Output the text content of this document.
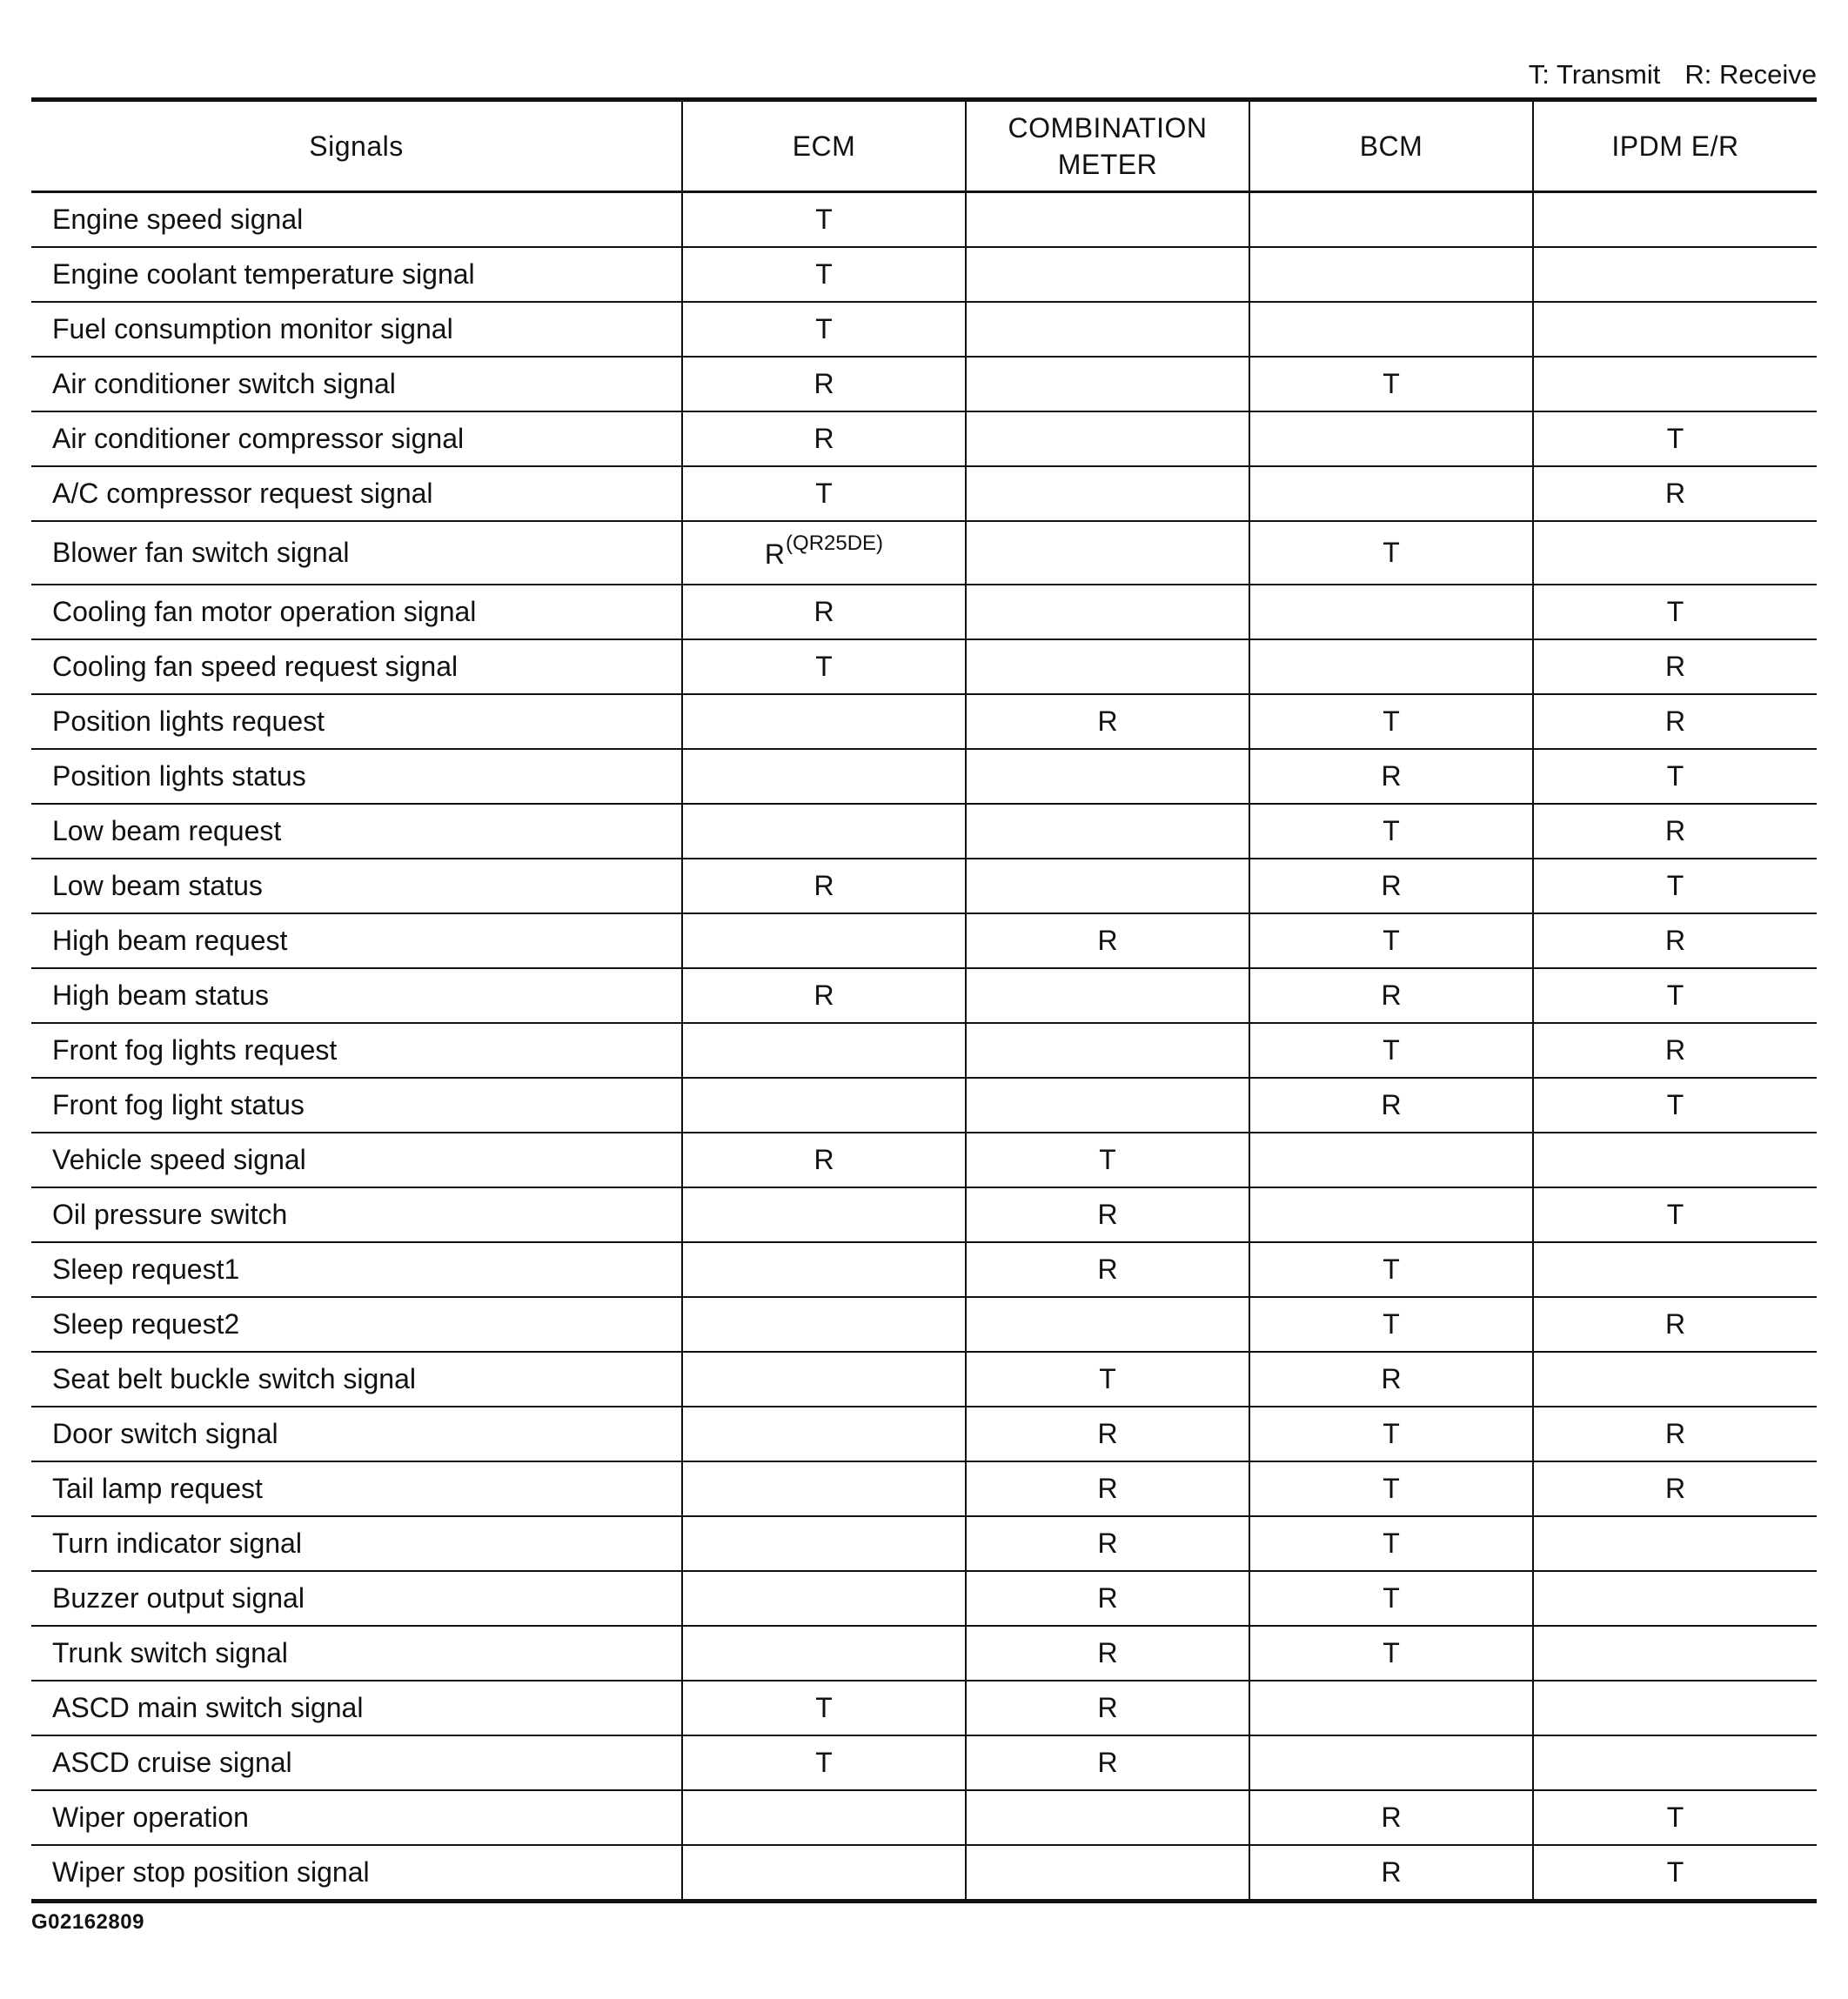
T: Transmit R: Receive
Signals	ECM	COMBINATION
METER	BCM	IPDM E/R
Engine speed signal	T			
Engine coolant temperature signal	T			
Fuel consumption monitor signal	T			
Air conditioner switch signal	R		T	
Air conditioner compressor signal	R			T
A/C compressor request signal	T			R
Blower fan switch signal	R$^{(QR25DE)}$		T	
Cooling fan motor operation signal	R			T
Cooling fan speed request signal	T			R
Position lights request		R	T	R
Position lights status			R	T
Low beam request			T	R
Low beam status	R		R	T
High beam request		R	T	R
High beam status	R		R	T
Front fog lights request			T	R
Front fog light status			R	T
Vehicle speed signal	R	T		
Oil pressure switch		R		T
Sleep request1		R	T	
Sleep request2			T	R
Seat belt buckle switch signal		T	R	
Door switch signal		R	T	R
Tail lamp request		R	T	R
Turn indicator signal		R	T	
Buzzer output signal		R	T	
Trunk switch signal		R	T	
ASCD main switch signal	T	R		
ASCD cruise signal	T	R		
Wiper operation			R	T
Wiper stop position signal			R	T
G02162809
